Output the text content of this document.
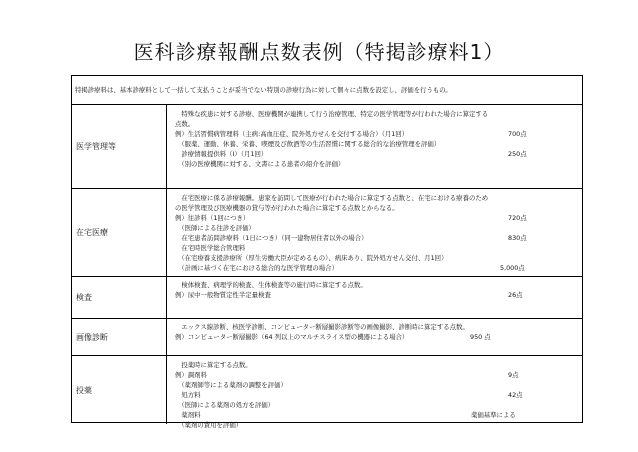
医科診療報酬点数表例（特掲診療料1）
特掲診療料は、基本診療料として一括して支払うことが妥当でない特別の診療行為に対して個々に点数を設定し、評価を行うもの。
医学管理等
　特殊な疾患に対する診療、医療機関が連携して行う治療管理、特定の医学管理等が行われた場合に算定する
点数。
例）生活習慣病管理料（主病:高血圧症、院外処方せんを交付する場合）（月1回）	700点
　（服薬、運動、休養、栄養、喫煙及び飲酒等の生活習慣に関する総合的な治療管理を評価）
　診療情報提供料（Ⅰ）（月1回）	250点
　（別の医療機関に対する、文書による患者の紹介を評価）
在宅医療
　在宅医療に係る診療報酬。患家を訪問して医療が行われた場合に算定する点数と、在宅における療養のため
の医学管理及び医療機器の貸与等が行われた場合に算定する点数とからなる。
例）往診料（1回につき）	720点
　（医師による往診を評価）
　在宅患者訪問診療料（1日につき）（同一建物居住者以外の場合）	830点
　在宅時医学総合管理料
　（在宅療養支援診療所（厚生労働大臣が定めるもの）、病床あり、院外処方せん交付、月1回）
　（計画に基づく在宅における総合的な医学管理の場合）	5,000点
検査
　検体検査、病理学的検査、生体検査等の施行時に算定する点数。
例）尿中一般物質定性半定量検査	26点
画像診断
　エックス線診断、核医学診断、コンピューター断層撮影診断等の画像撮影、診断時に算定する点数。
例）コンピューター断層撮影（64 列以上のマルチスライス型の機器による場合）	950 点
投薬
　投薬時に算定する点数。
例）調剤料	9点
　（薬剤師等による薬剤の調整を評価）
　処方料	42点
　（医師による薬剤の処方を評価）
　薬剤料	薬価基準による
　（薬剤の費用を評価）
